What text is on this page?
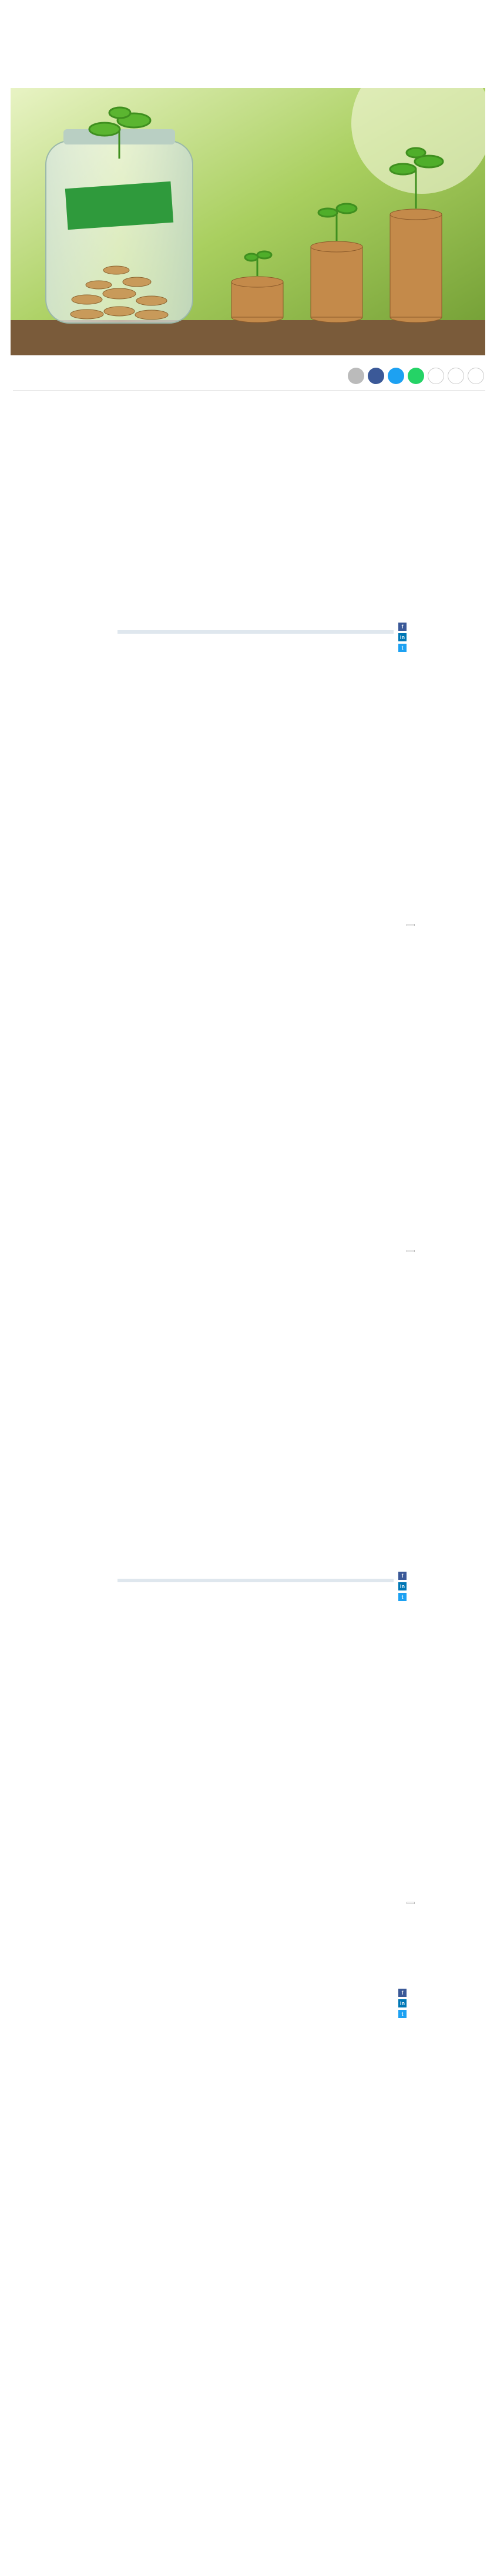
f
in
t

f
in
t

f
in
t
